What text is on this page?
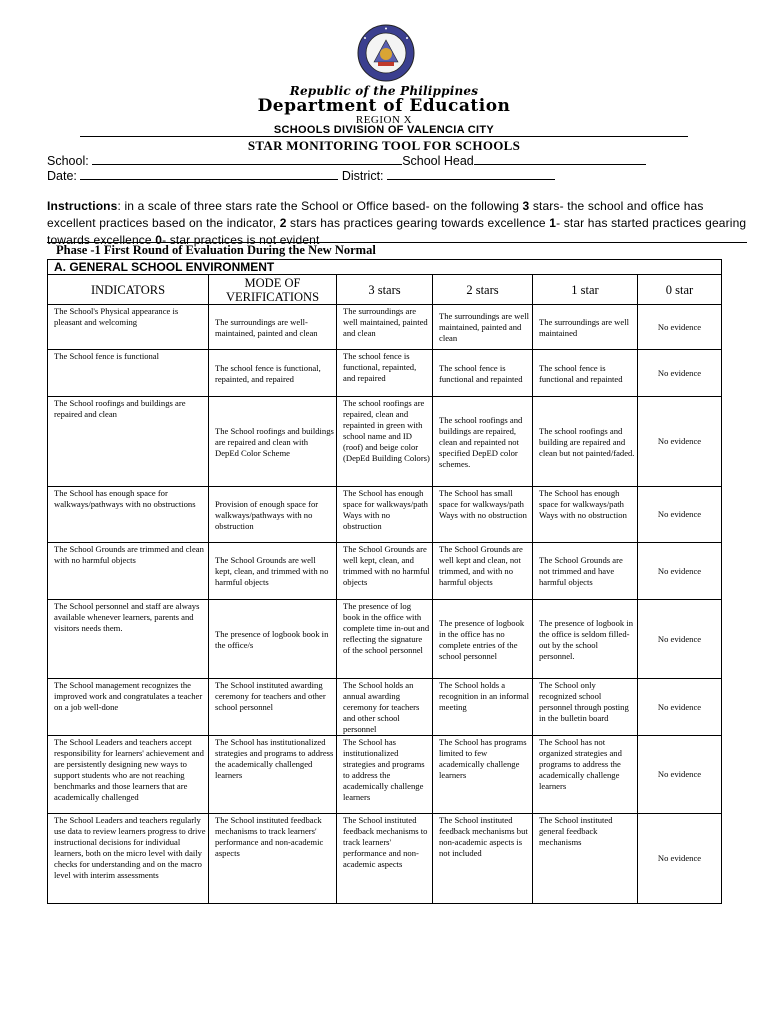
Republic of the Philippines
Department of Education
REGION X
SCHOOLS DIVISION OF VALENCIA CITY
STAR MONITORING TOOL FOR SCHOOLS
School:	School Head
Date:	District:
Instructions: in a scale of three stars rate the School or Office based- on the following 3 stars- the school and office has excellent practices based on the indicator, 2 stars has practices gearing towards excellence 1- star has started practices gearing towards excellence 0- star practices is not evident
Phase -1 First Round of Evaluation During the New Normal
A. GENERAL SCHOOL ENVIRONMENT					
INDICATORS	MODE OF VERIFICATIONS	3 stars	2 stars	1 star	0 star
The School's Physical appearance is pleasant and welcoming	The surroundings are well-maintained, painted and clean	The surroundings are well maintained, painted and clean	The surroundings are well maintained, painted and clean	The surroundings are well maintained	No evidence
The School fence is functional	The school fence is functional, repainted, and repaired	The school fence is functional, repainted, and repaired	The school fence is functional and repainted	The school fence is functional and repainted	No evidence
The School roofings and buildings are repaired and clean	The School roofings and buildings are repaired and clean with DepEd Color Scheme	The school roofings are repaired, clean and repainted in green with school name and ID (roof) and beige color (DepEd Building Colors)	The school roofings and buildings are repaired, clean and repainted not specified DepED color schemes.	The school roofings and building are repaired and clean but not painted/faded.	No evidence
The School has enough space for walkways/pathways with no obstructions	Provision of enough space for walkways/pathways with no obstruction	The School has enough space for walkways/path Ways with no obstruction	The School has small space for walkways/path Ways with no obstruction	The School has enough space for walkways/path Ways with no obstruction	No evidence
The School Grounds are trimmed and clean with no harmful objects	The School Grounds are well kept, clean, and trimmed with no harmful objects	The School Grounds are well kept, clean, and trimmed with no harmful objects	The School Grounds are well kept and clean, not trimmed, and with no harmful objects	The School Grounds are not trimmed and have harmful objects	No evidence
The School personnel and staff are always available whenever learners, parents and visitors needs them.	The presence of logbook book in the office/s	The presence of log book in the office with complete time in-out and reflecting the signature of the school personnel	The presence of logbook in the office has no complete entries of the school personnel	The presence of logbook in the office is seldom filled-out by the school personnel.	No evidence
The School management recognizes the improved work and congratulates a teacher on a job well-done	The School instituted awarding ceremony for teachers and other school personnel	The School holds an annual awarding ceremony for teachers and other school personnel	The School holds a recognition in an informal meeting	The School only recognized school personnel through posting in the bulletin board	No evidence
The School Leaders and teachers accept responsibility for learners' achievement and are persistently designing new ways to support students who are not reaching benchmarks and those learners that are academically challenged	The School has institutionalized strategies and programs to address the academically challenged learners	The School has institutionalized strategies and programs to address the academically challenge learners	The School has programs limited to few academically challenge learners	The School has not organized strategies and programs to address the academically challenge learners	No evidence
The School Leaders and teachers regularly use data to review learners progress to drive instructional decisions for individual learners, both on the micro level with daily checks for understanding and on the macro level with interim assessments	The School instituted feedback mechanisms to track learners' performance and non-academic aspects	The School instituted feedback mechanisms to track learners' performance and non-academic aspects	The School instituted feedback mechanisms but non-academic aspects is not included	The School instituted general feedback mechanisms	No evidence
